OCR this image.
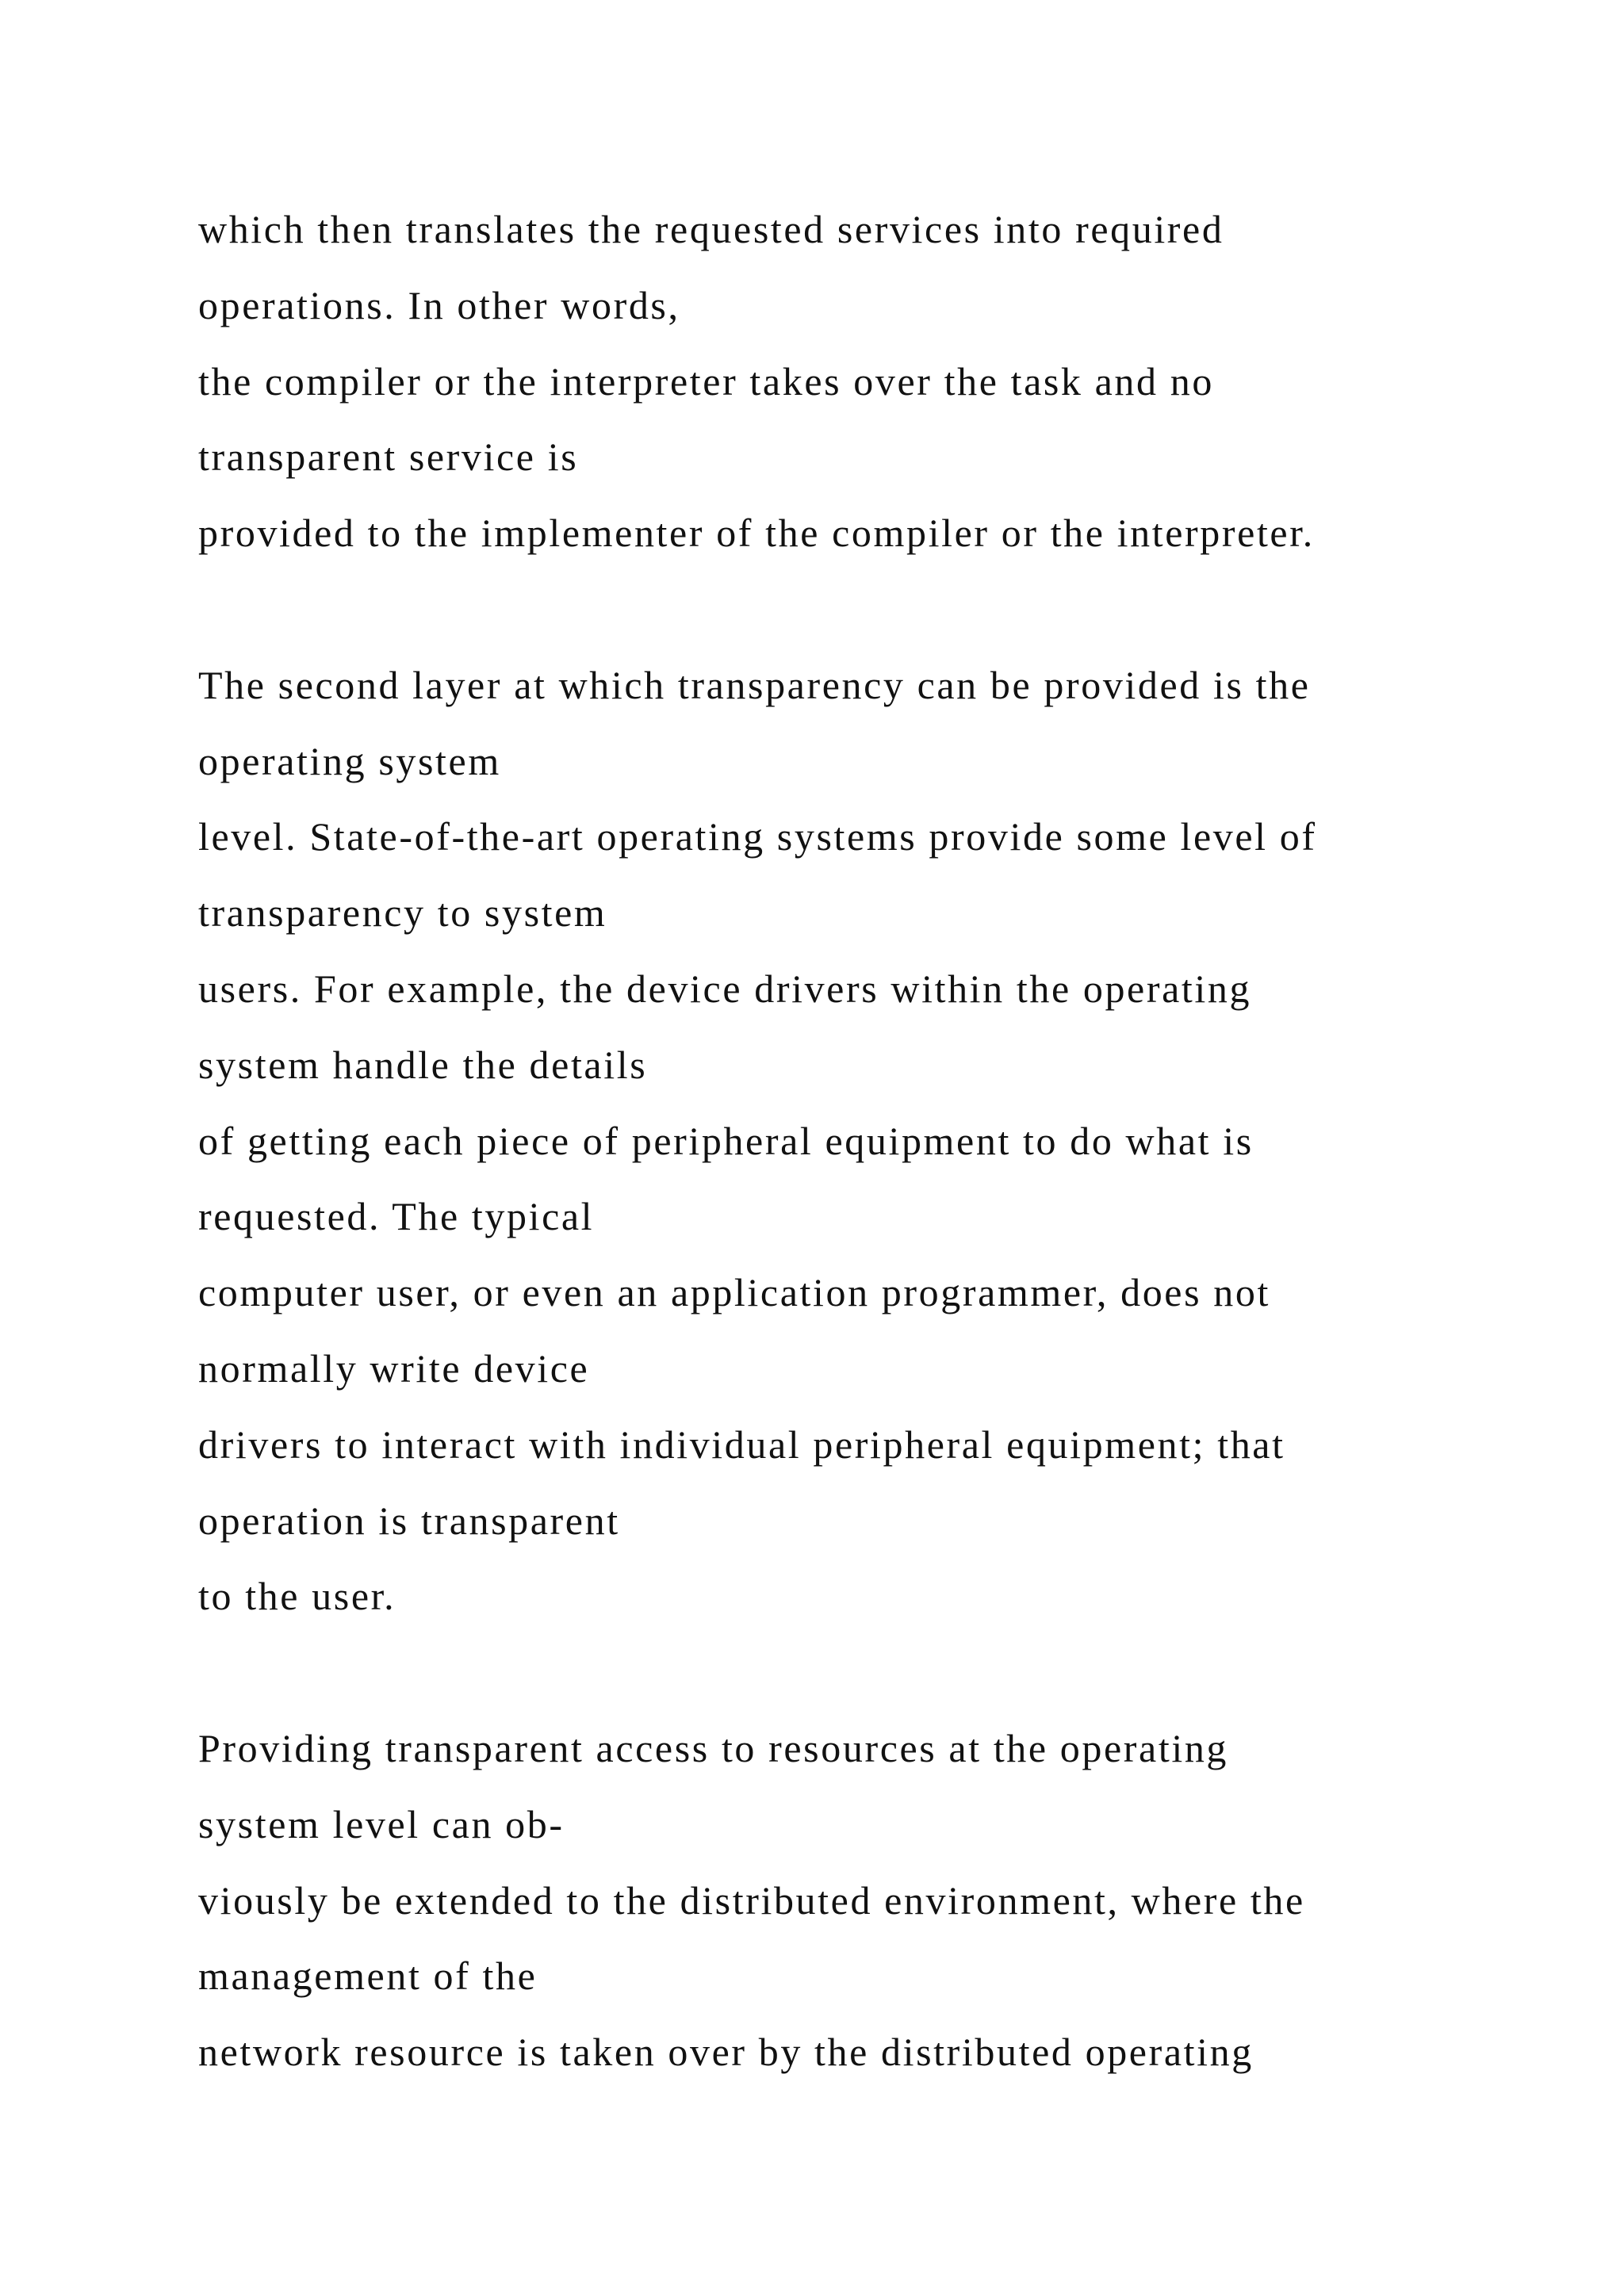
which then translates the requested services into required
operations. In other words,
the compiler or the interpreter takes over the task and no
transparent service is
provided to the implementer of the compiler or the interpreter.
The second layer at which transparency can be provided is the
operating system
level. State-of-the-art operating systems provide some level of
transparency to system
users. For example, the device drivers within the operating
system handle the details
of getting each piece of peripheral equipment to do what is
requested. The typical
computer user, or even an application programmer, does not
normally write device
drivers to interact with individual peripheral equipment; that
operation is transparent
to the user.
Providing transparent access to resources at the operating
system level can ob-
viously be extended to the distributed environment, where the
management of the
network resource is taken over by the distributed operating
